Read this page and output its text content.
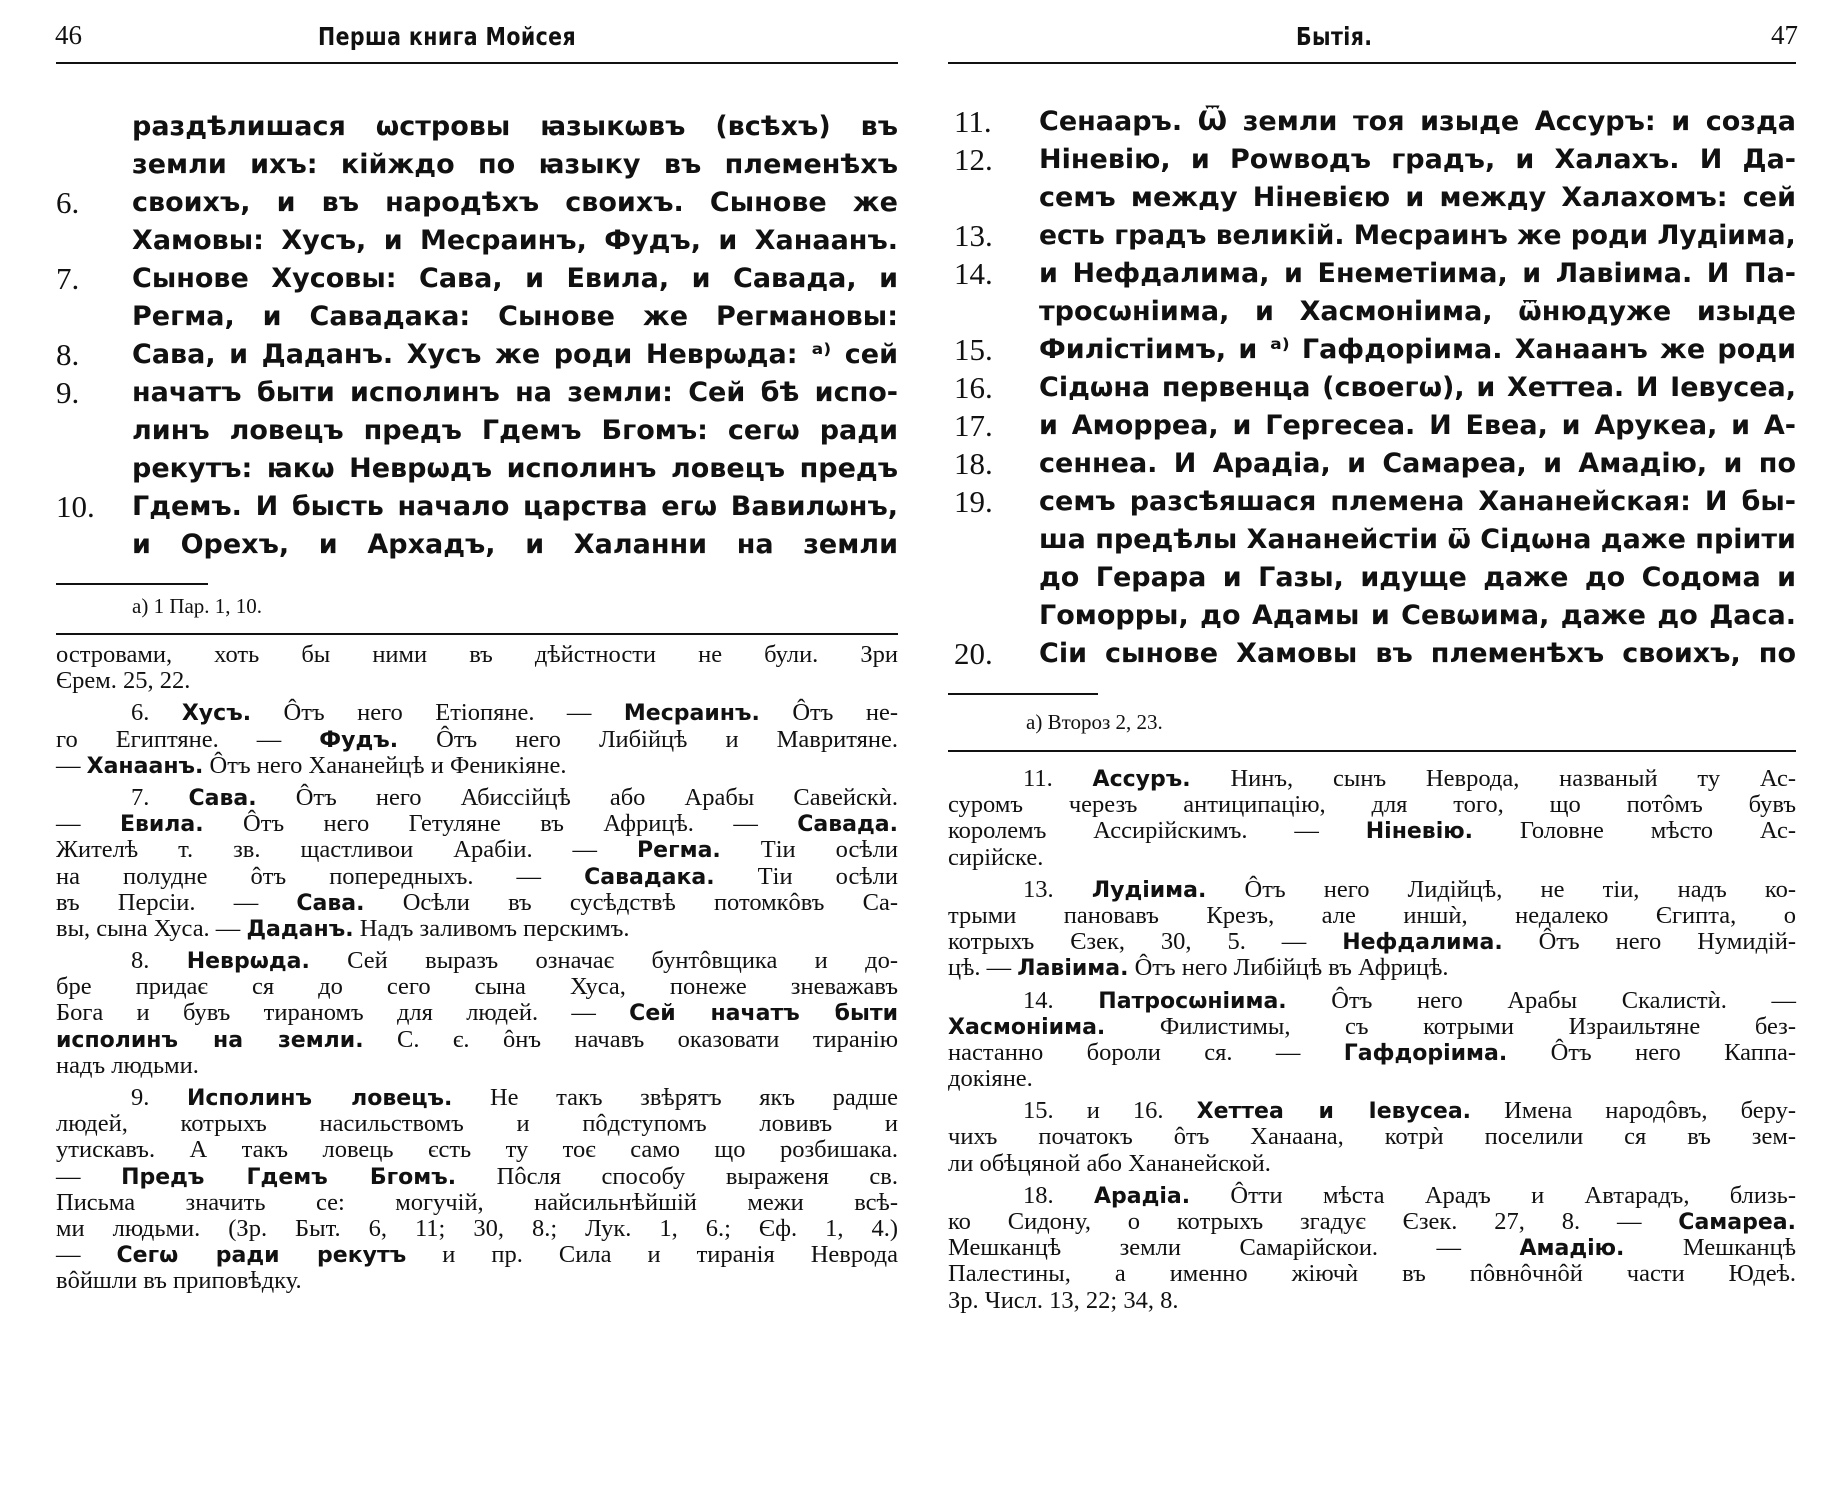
46	Перша книга Мойсея
раздѣлишася ѡстровы ꙗзыкѡвъ (всѣхъ) въ
земли ихъ: кійждо по ꙗзыку въ племенѣхъ
6. своихъ, и въ народѣхъ своихъ. Сынове же
Хамовы: Хусъ, и Месраинъ, Фудъ, и Ханаанъ.
7. Сынове Хусовы: Сава, и Евила, и Савада, и
Регма, и Савадака: Сынове же Регмановы:
8. Сава, и Даданъ. Хусъ же роди Неврѡда: ᵃ⁾ сей
9. начатъ быти исполинъ на земли: Сей бѣ испо-
линъ ловецъ предъ Гдемъ Бгомъ: сегѡ ради
рекутъ: ꙗкѡ Неврѡдъ исполинъ ловецъ предъ
10. Гдемъ. И бысть начало царства егѡ Вавилѡнъ,
и Орехъ, и Архадъ, и Халанни на земли
а) 1 Пар. 1, 10.
островами, хоть бы ними въ дѣйстности не були. Зри
Єрем. 25, 22.
6. Хусъ. Ôтъ него Етіопяне. — Месраинъ. Ôтъ не-
го Египтяне. — Фудъ. Ôтъ него Либійцѣ и Мавритяне.
— Ханаанъ. Ôтъ него Хананейцѣ и Феникіяне.
7. Сава. Ôтъ него Абиссійцѣ або Арабы Савейскѝ.
— Евила. Ôтъ него Гетуляне въ Африцѣ. — Савада.
Жителѣ т. зв. щастливои Арабіи. — Регма. Тіи осѣли
на полудне ôтъ попередныхъ. — Савадака. Тіи осѣли
въ Персіи. — Сава. Осѣли въ сусѣдствѣ потомкôвъ Са-
вы, сына Хуса. — Даданъ. Надъ заливомъ перскимъ.
8. Неврѡда. Сей выразъ означає бунтôвщика и до-
бре придає ся до сего сына Хуса, понеже зневажавъ
Бога и бувъ тираномъ для людей. — Сей начатъ быти
исполинъ на земли. С. є. ôнъ начавъ оказовати тиранію
надъ людьми.
9. Исполинъ ловецъ. Не такъ звѣрятъ якъ радше
людей, котрыхъ насильствомъ и пôдступомъ ловивъ и
утискавъ. А такъ ловець єсть ту тоє само що розбишака.
— Предъ Гдемъ Бгомъ. Пôсля способу выраженя св.
Письма значить се: могучій, найсильнѣйшій межи всѣ-
ми людьми. (Зр. Быт. 6, 11; 30, 8.; Лук. 1, 6.; Єф. 1, 4.)
— Сегѡ ради рекутъ и пр. Сила и тиранія Неврода
вôйшли въ приповѣдку.
Бытія.	47
11. Сенааръ. Ѿ земли тоя изыде Ассуръ: и созда
12. Ніневію, и Роwводъ градъ, и Халахъ. И Да-
семъ между Ніневією и между Халахомъ: сей
13. есть градъ великій. Месраинъ же роди Лудіима,
14. и Нефдалима, и Енеметіима, и Лавіима. И Па-
тросѡніима, и Хасмоніима, ѿнюдуже изыде
15. Филістіимъ, и ᵃ⁾ Гафдоріима. Ханаанъ же роди
16. Сідѡна первенца (своегѡ), и Хеттеа. И Іевусеа,
17. и Аморреа, и Гергесеа. И Евеа, и Арукеа, и А-
18. сеннеа. И Арадіа, и Самареа, и Амадію, и по
19. семъ разсѣяшася племена Хананейская: И бы-
ша предѣлы Хананейстіи ѿ Сідѡна даже пріити
до Герара и Газы, идуще даже до Содома и
Гоморры, до Адамы и Севѡима, даже до Даса.
20. Сіи сынове Хамовы въ племенѣхъ своихъ, по
а) Второз 2, 23.
11. Ассуръ. Нинъ, сынъ Неврода, названый ту Ас-
суромъ черезъ антиципацію, для того, що потôмъ бувъ
королемъ Ассирійскимъ. — Ніневію. Головне мѣсто Ас-
сирійске.
13. Лудіима. Ôтъ него Лидійцѣ, не тіи, надъ ко-
трыми пановавъ Крезъ, але иншѝ, недалеко Єгипта, о
котрыхъ Єзек, 30, 5. — Нефдалима. Ôтъ него Нумидій-
цѣ. — Лавіима. Ôтъ него Либійцѣ въ Африцѣ.
14. Патросѡніима. Ôтъ него Арабы Скалистѝ. —
Хасмоніима. Филистимы, съ котрыми Израильтяне без-
настанно бороли ся. — Гафдоріима. Ôтъ него Каппа-
докіяне.
15. и 16. Хеттеа и Іевусеа. Имена народôвъ, беру-
чихъ початокъ ôтъ Ханаана, котрѝ поселили ся въ зем-
ли обѣцяной або Хананейской.
18. Арадіа. Ôтти мѣста Арадъ и Автарадъ, близь-
ко Сидону, о котрыхъ згадує Єзек. 27, 8. — Самареа.
Мешканцѣ земли Самарійскои. — Амадію. Мешканцѣ
Палестины, а именно жіючѝ въ пôвнôчнôй части Юдеѣ.
Зр. Числ. 13, 22; 34, 8.
